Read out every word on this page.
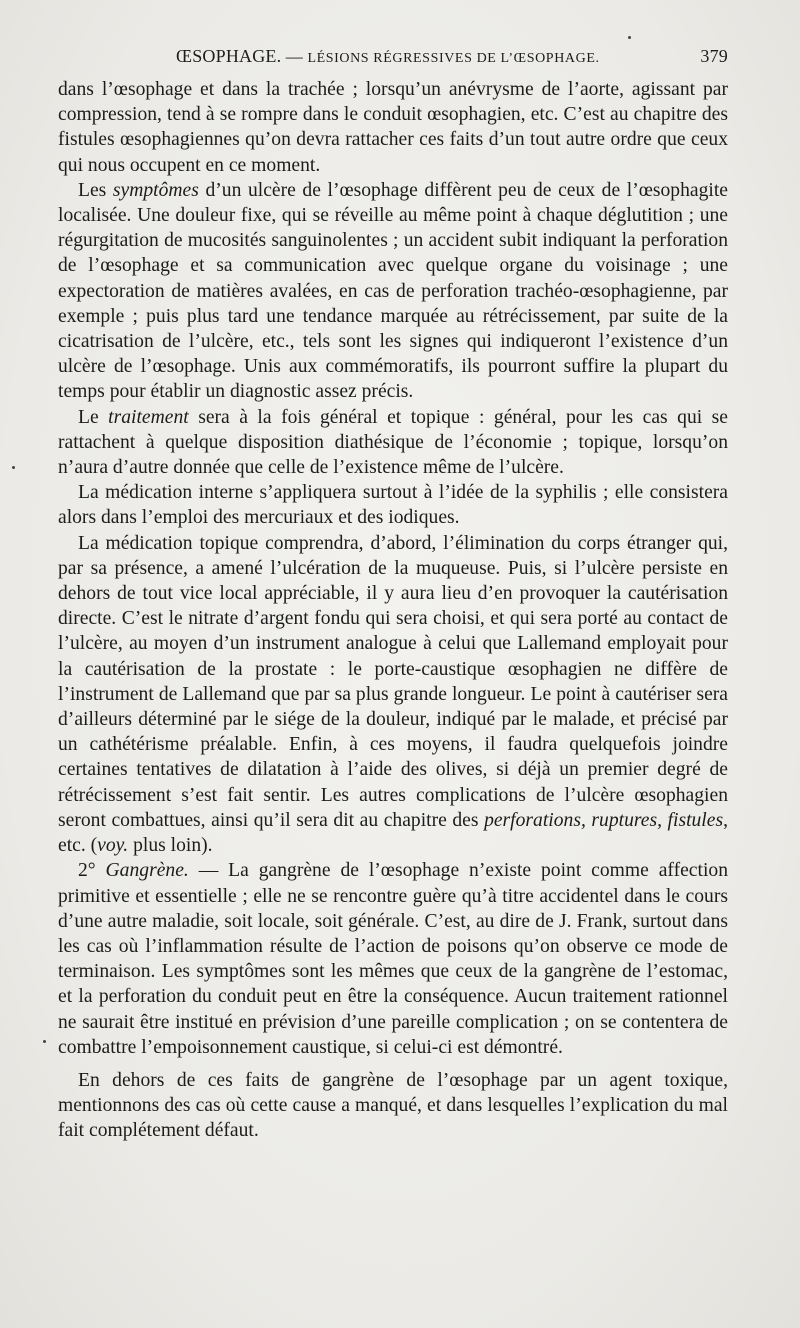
ŒSOPHAGE. — LÉSIONS RÉGRESSIVES DE L’ŒSOPHAGE.	379

dans l’œsophage et dans la trachée ; lorsqu’un anévrysme de l’aorte, agissant par compression, tend à se rompre dans le conduit œsophagien, etc. C’est au chapitre des fistules œsophagiennes qu’on devra rattacher ces faits d’un tout autre ordre que ceux qui nous occupent en ce moment.

Les symptômes d’un ulcère de l’œsophage diffèrent peu de ceux de l’œsophagite localisée. Une douleur fixe, qui se réveille au même point à chaque déglutition ; une régurgitation de mucosités sanguinolentes ; un accident subit indiquant la perforation de l’œsophage et sa communication avec quelque organe du voisinage ; une expectoration de matières avalées, en cas de perforation trachéo-œsophagienne, par exemple ; puis plus tard une tendance marquée au rétrécissement, par suite de la cicatrisation de l’ulcère, etc., tels sont les signes qui indiqueront l’existence d’un ulcère de l’œsophage. Unis aux commémoratifs, ils pourront suffire la plupart du temps pour établir un diagnostic assez précis.

Le traitement sera à la fois général et topique : général, pour les cas qui se rattachent à quelque disposition diathésique de l’économie ; topique, lorsqu’on n’aura d’autre donnée que celle de l’existence même de l’ulcère.

La médication interne s’appliquera surtout à l’idée de la syphilis ; elle consistera alors dans l’emploi des mercuriaux et des iodiques.

La médication topique comprendra, d’abord, l’élimination du corps étranger qui, par sa présence, a amené l’ulcération de la muqueuse. Puis, si l’ulcère persiste en dehors de tout vice local appréciable, il y aura lieu d’en provoquer la cautérisation directe. C’est le nitrate d’argent fondu qui sera choisi, et qui sera porté au contact de l’ulcère, au moyen d’un instrument analogue à celui que Lallemand employait pour la cautérisation de la prostate : le porte-caustique œsophagien ne diffère de l’instrument de Lallemand que par sa plus grande longueur. Le point à cautériser sera d’ailleurs déterminé par le siége de la douleur, indiqué par le malade, et précisé par un cathétérisme préalable. Enfin, à ces moyens, il faudra quelquefois joindre certaines tentatives de dilatation à l’aide des olives, si déjà un premier degré de rétrécissement s’est fait sentir. Les autres complications de l’ulcère œsophagien seront combattues, ainsi qu’il sera dit au chapitre des perforations, ruptures, fistules, etc. (voy. plus loin).

2° Gangrène. — La gangrène de l’œsophage n’existe point comme affection primitive et essentielle ; elle ne se rencontre guère qu’à titre accidentel dans le cours d’une autre maladie, soit locale, soit générale. C’est, au dire de J. Frank, surtout dans les cas où l’inflammation résulte de l’action de poisons qu’on observe ce mode de terminaison. Les symptômes sont les mêmes que ceux de la gangrène de l’estomac, et la perforation du conduit peut en être la conséquence. Aucun traitement rationnel ne saurait être institué en prévision d’une pareille complication ; on se contentera de combattre l’empoisonnement caustique, si celui-ci est démontré.

En dehors de ces faits de gangrène de l’œsophage par un agent toxique, mentionnons des cas où cette cause a manqué, et dans lesquelles l’explication du mal fait complétement défaut.
